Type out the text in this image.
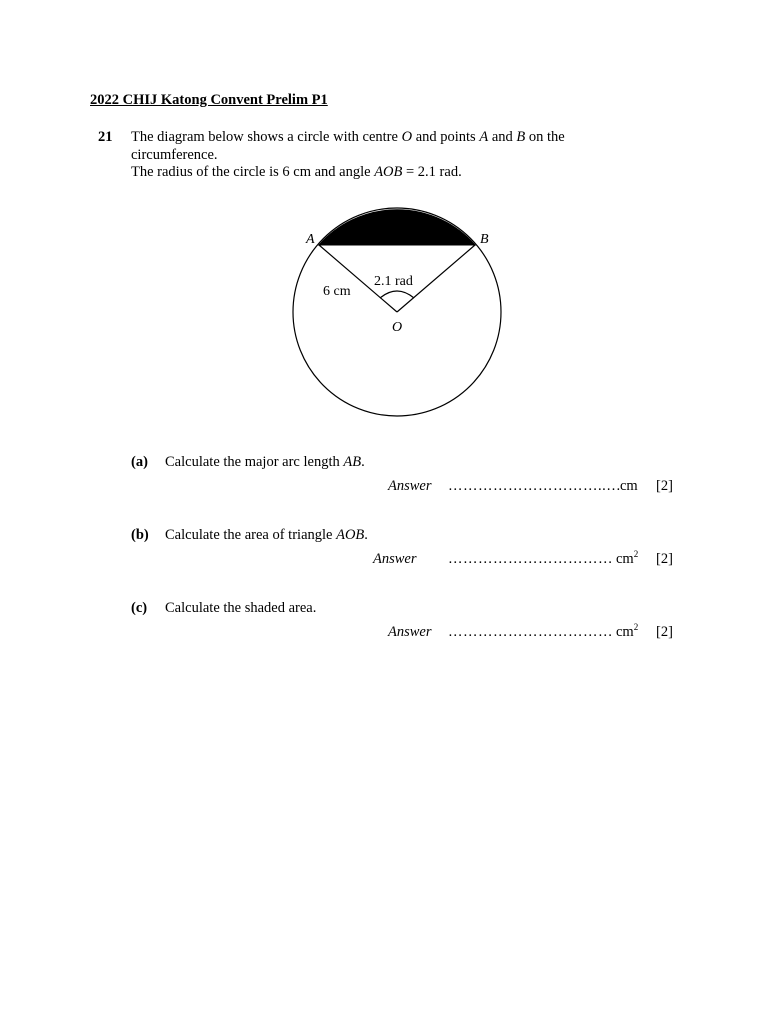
2022 CHIJ Katong Convent Prelim P1
21 The diagram below shows a circle with centre O and points A and B on the
circumference.
The radius of the circle is 6 cm and angle AOB = 2.1 rad.
A	B
O
6 cm
2.1 rad
(a) Calculate the major arc length AB.
Answer …………………………..…
cm [2]
(b) Calculate the area of triangle AOB.
Answer …………………………… $cm^2$ [2]
(c) Calculate the shaded area.
Answer …………………………… $cm^2$ [2]
